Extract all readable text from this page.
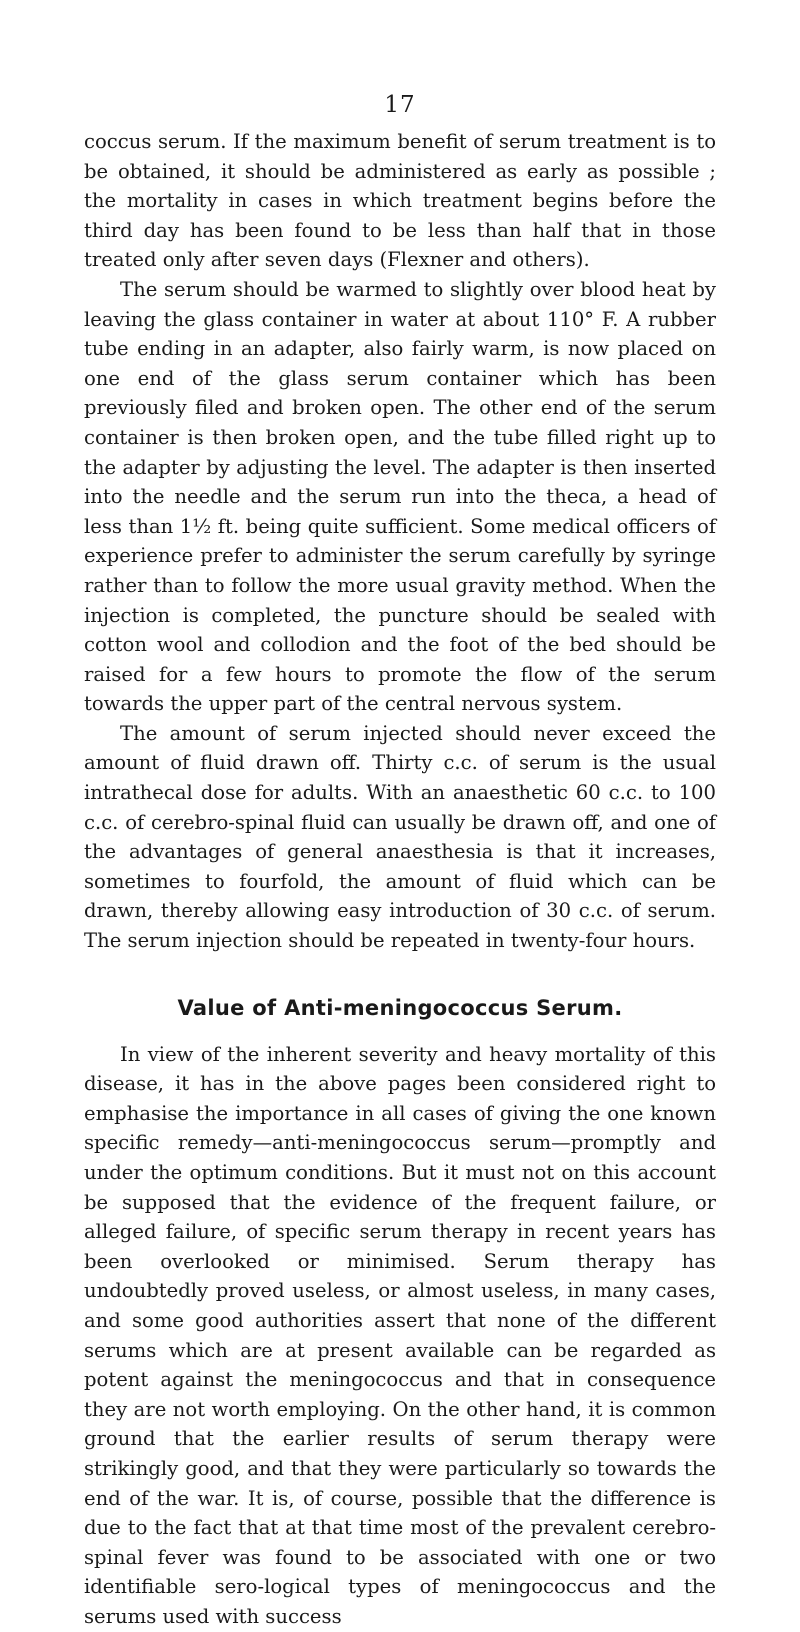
17

coccus serum. If the maximum benefit of serum treatment is to be obtained, it should be administered as early as possible ; the mortality in cases in which treatment begins before the third day has been found to be less than half that in those treated only after seven days (Flexner and others).

The serum should be warmed to slightly over blood heat by leaving the glass container in water at about 110° F. A rubber tube ending in an adapter, also fairly warm, is now placed on one end of the glass serum container which has been previously filed and broken open. The other end of the serum container is then broken open, and the tube filled right up to the adapter by adjusting the level. The adapter is then inserted into the needle and the serum run into the theca, a head of less than 1½ ft. being quite sufficient. Some medical officers of experience prefer to administer the serum carefully by syringe rather than to follow the more usual gravity method. When the injection is completed, the puncture should be sealed with cotton wool and collodion and the foot of the bed should be raised for a few hours to promote the flow of the serum towards the upper part of the central nervous system.

The amount of serum injected should never exceed the amount of fluid drawn off. Thirty c.c. of serum is the usual intrathecal dose for adults. With an anaesthetic 60 c.c. to 100 c.c. of cerebro-spinal fluid can usually be drawn off, and one of the advantages of general anaesthesia is that it increases, sometimes to fourfold, the amount of fluid which can be drawn, thereby allowing easy introduction of 30 c.c. of serum. The serum injection should be repeated in twenty-four hours.

Value of Anti-meningococcus Serum.

In view of the inherent severity and heavy mortality of this disease, it has in the above pages been considered right to emphasise the importance in all cases of giving the one known specific remedy—anti-meningococcus serum—promptly and under the optimum conditions. But it must not on this account be supposed that the evidence of the frequent failure, or alleged failure, of specific serum therapy in recent years has been overlooked or minimised. Serum therapy has undoubtedly proved useless, or almost useless, in many cases, and some good authorities assert that none of the different serums which are at present available can be regarded as potent against the meningococcus and that in consequence they are not worth employing. On the other hand, it is common ground that the earlier results of serum therapy were strikingly good, and that they were particularly so towards the end of the war. It is, of course, possible that the difference is due to the fact that at that time most of the prevalent cerebro-spinal fever was found to be associated with one or two identifiable sero-logical types of meningococcus and the serums used with success
